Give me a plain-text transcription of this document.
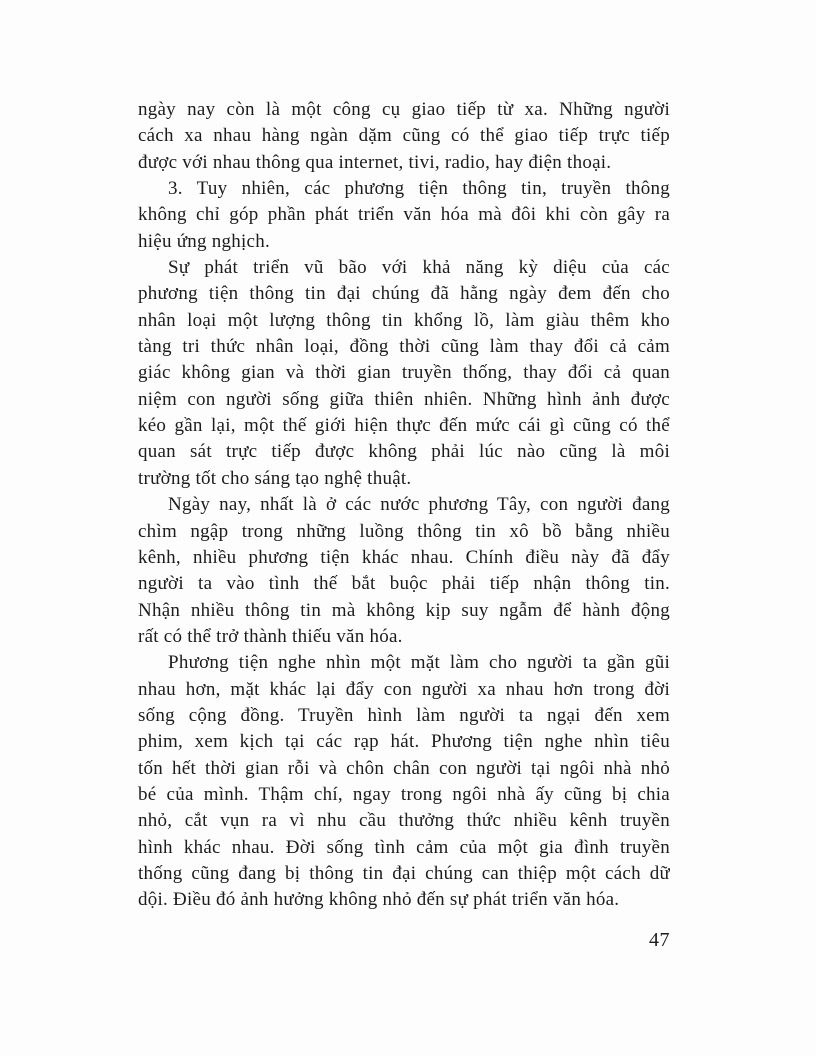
ngày nay còn là một công cụ giao tiếp từ xa. Những người
cách xa nhau hàng ngàn dặm cũng có thể giao tiếp trực tiếp
được với nhau thông qua internet, tivi, radio, hay điện thoại.
3. Tuy nhiên, các phương tiện thông tin, truyền thông
không chỉ góp phần phát triển văn hóa mà đôi khi còn gây ra
hiệu ứng nghịch.
Sự phát triển vũ bão với khả năng kỳ diệu của các
phương tiện thông tin đại chúng đã hằng ngày đem đến cho
nhân loại một lượng thông tin khổng lồ, làm giàu thêm kho
tàng tri thức nhân loại, đồng thời cũng làm thay đổi cả cảm
giác không gian và thời gian truyền thống, thay đổi cả quan
niệm con người sống giữa thiên nhiên. Những hình ảnh được
kéo gần lại, một thế giới hiện thực đến mức cái gì cũng có thể
quan sát trực tiếp được không phải lúc nào cũng là môi
trường tốt cho sáng tạo nghệ thuật.
Ngày nay, nhất là ở các nước phương Tây, con người đang
chìm ngập trong những luồng thông tin xô bồ bằng nhiều
kênh, nhiều phương tiện khác nhau. Chính điều này đã đẩy
người ta vào tình thế bắt buộc phải tiếp nhận thông tin.
Nhận nhiều thông tin mà không kịp suy ngẫm để hành động
rất có thể trở thành thiếu văn hóa.
Phương tiện nghe nhìn một mặt làm cho người ta gần gũi
nhau hơn, mặt khác lại đẩy con người xa nhau hơn trong đời
sống cộng đồng. Truyền hình làm người ta ngại đến xem
phim, xem kịch tại các rạp hát. Phương tiện nghe nhìn tiêu
tốn hết thời gian rỗi và chôn chân con người tại ngôi nhà nhỏ
bé của mình. Thậm chí, ngay trong ngôi nhà ấy cũng bị chia
nhỏ, cắt vụn ra vì nhu cầu thưởng thức nhiều kênh truyền
hình khác nhau. Đời sống tình cảm của một gia đình truyền
thống cũng đang bị thông tin đại chúng can thiệp một cách dữ
dội. Điều đó ảnh hưởng không nhỏ đến sự phát triển văn hóa.
47
